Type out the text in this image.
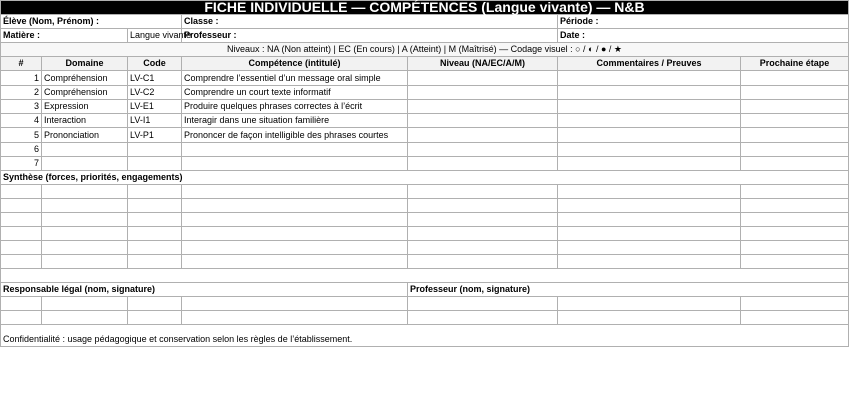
FICHE INDIVIDUELLE — COMPÉTENCES (Langue vivante) — N&B						
Élève (Nom, Prénom) :			Classe :		Période :	
Matière :		Langue vivante	Professeur :		Date :	
Niveaux : NA (Non atteint) | EC (En cours) | A (Atteint) | M (Maîtrisé) — Codage visuel : ○ / ◐ / ● / ★						
#	Domaine	Code	Compétence (intitulé)	Niveau (NA/EC/A/M)	Commentaires / Preuves	Prochaine étape
1	Compréhension	LV-C1	Comprendre l’essentiel d’un message oral simple			
2	Compréhension	LV-C2	Comprendre un court texte informatif			
3	Expression	LV-E1	Produire quelques phrases correctes à l’écrit			
4	Interaction	LV-I1	Interagir dans une situation familière			
5	Prononciation	LV-P1	Prononcer de façon intelligible des phrases courtes			
6						
7						
Synthèse (forces, priorités, engagements)						

Responsable légal (nom, signature)				Professeur (nom, signature)		

Confidentialité : usage pédagogique et conservation selon les règles de l’établissement.						
